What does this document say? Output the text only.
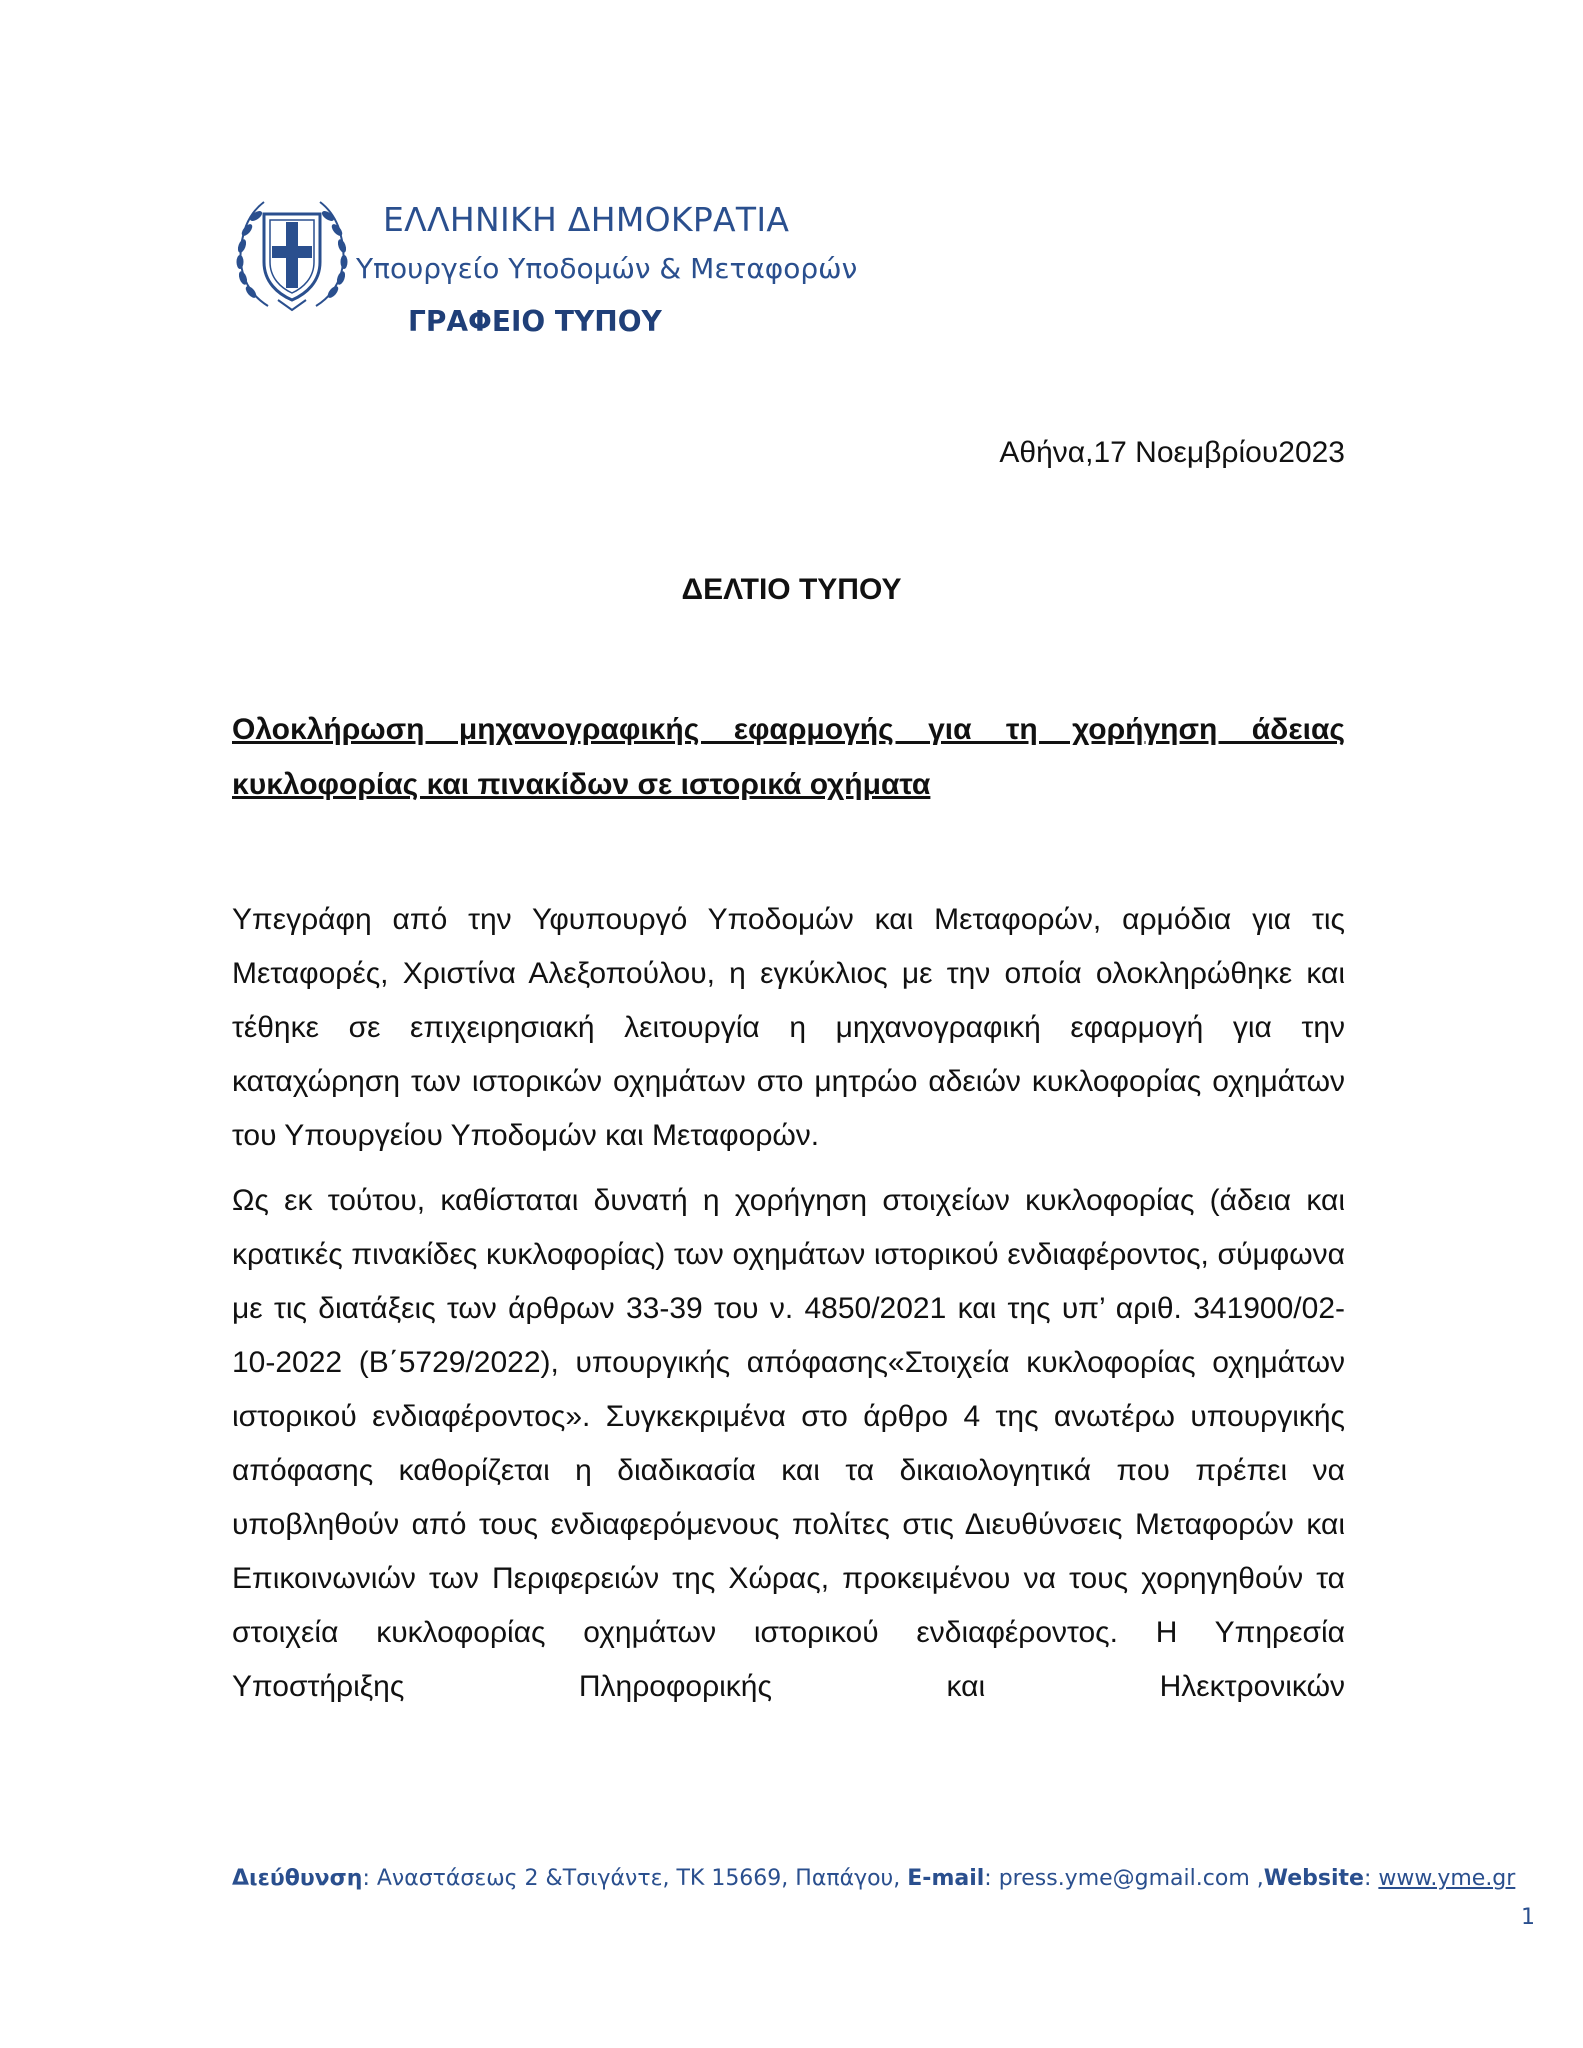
ΕΛΛΗΝΙΚΗ ΔΗΜΟΚΡΑΤΙΑ
Υπουργείο Υποδομών & Μεταφορών
ΓΡΑΦΕΙΟ ΤΥΠΟΥ
Αθήνα,17 Νοεμβρίου2023
ΔΕΛΤΙΟ ΤΥΠΟΥ
Ολοκλήρωση μηχανογραφικής εφαρμογής για τη χορήγηση άδειας κυκλοφορίας και πινακίδων σε ιστορικά οχήματα

Υπεγράφη από την Υφυπουργό Υποδομών και Μεταφορών, αρμόδια για τις Μεταφορές, Χριστίνα Αλεξοπούλου, η εγκύκλιος με την οποία ολοκληρώθηκε και τέθηκε σε επιχειρησιακή λειτουργία η μηχανογραφική εφαρμογή για την καταχώρηση των ιστορικών οχημάτων στο μητρώο αδειών κυκλοφορίας οχημάτων του Υπουργείου Υποδομών και Μεταφορών.

Ως εκ τούτου, καθίσταται δυνατή η χορήγηση στοιχείων κυκλοφορίας (άδεια και κρατικές πινακίδες κυκλοφορίας) των οχημάτων ιστορικού ενδιαφέροντος, σύμφωνα με τις διατάξεις των άρθρων 33-39 του ν. 4850/2021 και της υπ’ αριθ. 341900/02-10-2022 (Β΄5729/2022), υπουργικής απόφασης«Στοιχεία κυκλοφορίας οχημάτων ιστορικού ενδιαφέροντος». Συγκεκριμένα στο άρθρο 4 της ανωτέρω υπουργικής απόφασης καθορίζεται η διαδικασία και τα δικαιολογητικά που πρέπει να υποβληθούν από τους ενδιαφερόμενους πολίτες στις Διευθύνσεις Μεταφορών και Επικοινωνιών των Περιφερειών της Χώρας, προκειμένου να τους χορηγηθούν τα στοιχεία κυκλοφορίας οχημάτων ιστορικού ενδιαφέροντος. Η Υπηρεσία Υποστήριξης Πληροφορικής και Ηλεκτρονικών

Διεύθυνση: Αναστάσεως 2 &Τσιγάντε, ΤΚ 15669, Παπάγου, E-mail: press.yme@gmail.com ,Website: www.yme.gr
1
